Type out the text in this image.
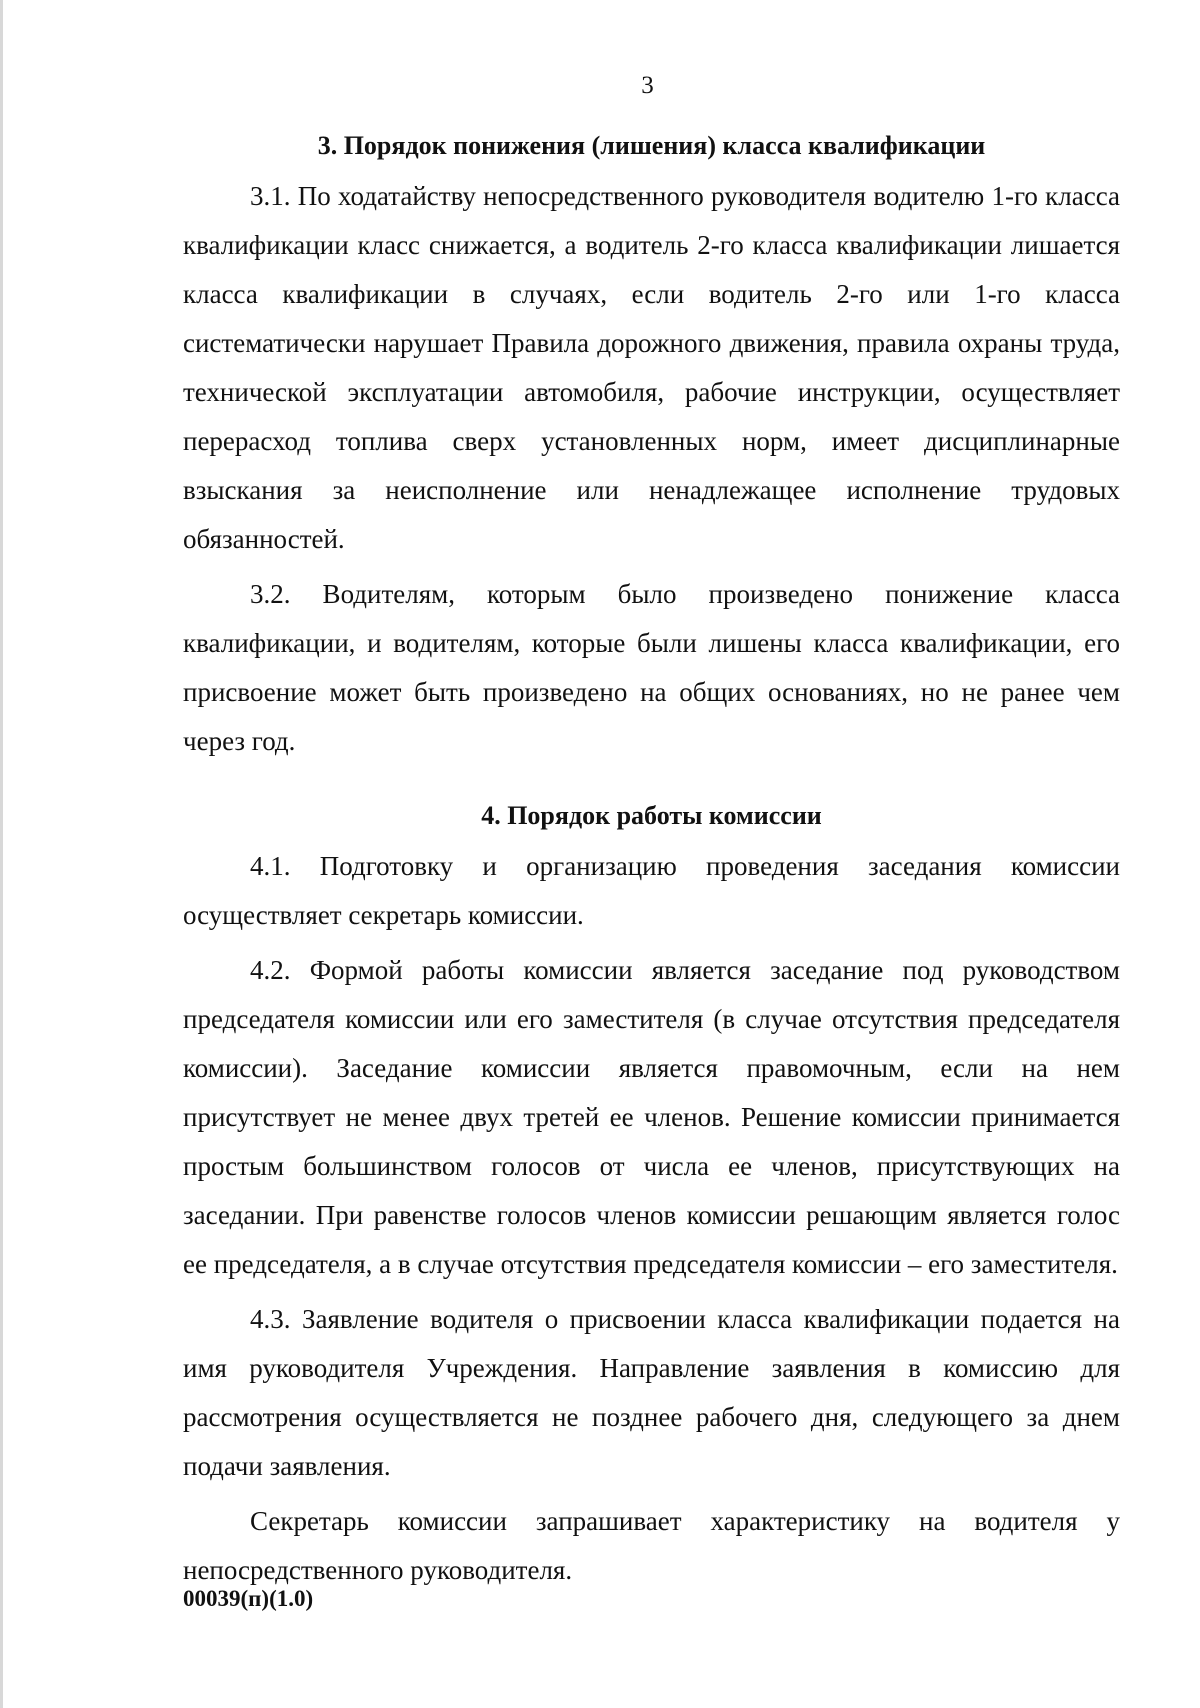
3
3. Порядок понижения (лишения) класса квалификации

3.1. По ходатайству непосредственного руководителя водителю 1-го класса квалификации класс снижается, а водитель 2-го класса квалификации лишается класса квалификации в случаях, если водитель 2-го или 1-го класса систематически нарушает Правила дорожного движения, правила охраны труда, технической эксплуатации автомобиля, рабочие инструкции, осуществляет перерасход топлива сверх установленных норм, имеет дисциплинарные взыскания за неисполнение или ненадлежащее исполнение трудовых обязанностей.

3.2. Водителям, которым было произведено понижение класса квалификации, и водителям, которые были лишены класса квалификации, его присвоение может быть произведено на общих основаниях, но не ранее чем через год.

4. Порядок работы комиссии

4.1. Подготовку и организацию проведения заседания комиссии осуществляет секретарь комиссии.

4.2. Формой работы комиссии является заседание под руководством председателя комиссии или его заместителя (в случае отсутствия председателя комиссии). Заседание комиссии является правомочным, если на нем присутствует не менее двух третей ее членов. Решение комиссии принимается простым большинством голосов от числа ее членов, присутствующих на заседании. При равенстве голосов членов комиссии решающим является голос ее председателя, а в случае отсутствия председателя комиссии – его заместителя.

4.3. Заявление водителя о присвоении класса квалификации подается на имя руководителя Учреждения. Направление заявления в комиссию для рассмотрения осуществляется не позднее рабочего дня, следующего за днем подачи заявления.

Секретарь комиссии запрашивает характеристику на водителя у непосредственного руководителя.

00039(п)(1.0)
